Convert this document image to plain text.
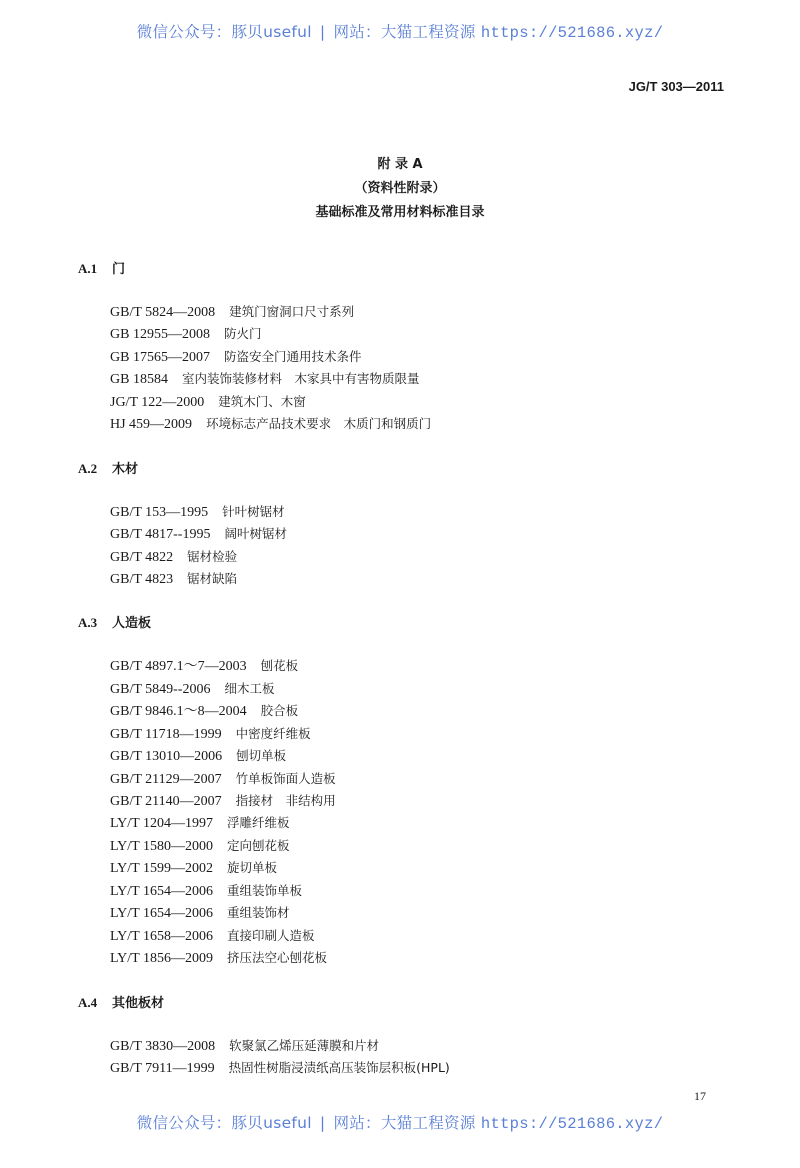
微信公众号：豚贝useful | 网站：大猫工程资源 https://521686.xyz/
JG/T 303—2011
附 录 A
（资料性附录）
基础标准及常用材料标准目录
A.1 门
GB/T 5824—2008 建筑门窗洞口尺寸系列
GB 12955—2008 防火门
GB 17565—2007 防盗安全门通用技术条件
GB 18584 室内装饰装修材料　木家具中有害物质限量
JG/T 122—2000 建筑木门、木窗
HJ 459—2009 环境标志产品技术要求　木质门和钢质门
A.2 木材
GB/T 153—1995 针叶树锯材
GB/T 4817--1995 阔叶树锯材
GB/T 4822 锯材检验
GB/T 4823 锯材缺陷
A.3 人造板
GB/T 4897.1～7—2003 刨花板
GB/T 5849--2006 细木工板
GB/T 9846.1～8—2004 胶合板
GB/T 11718—1999 中密度纤维板
GB/T 13010—2006 刨切单板
GB/T 21129—2007 竹单板饰面人造板
GB/T 21140—2007 指接材　非结构用
LY/T 1204—1997 浮雕纤维板
LY/T 1580—2000 定向刨花板
LY/T 1599—2002 旋切单板
LY/T 1654—2006 重组装饰单板
LY/T 1654—2006 重组装饰材
LY/T 1658—2006 直接印刷人造板
LY/T 1856—2009 挤压法空心刨花板
A.4 其他板材
GB/T 3830—2008 软聚氯乙烯压延薄膜和片材
GB/T 7911—1999 热固性树脂浸渍纸高压装饰层积板(HPL)
17
微信公众号：豚贝useful | 网站：大猫工程资源 https://521686.xyz/
